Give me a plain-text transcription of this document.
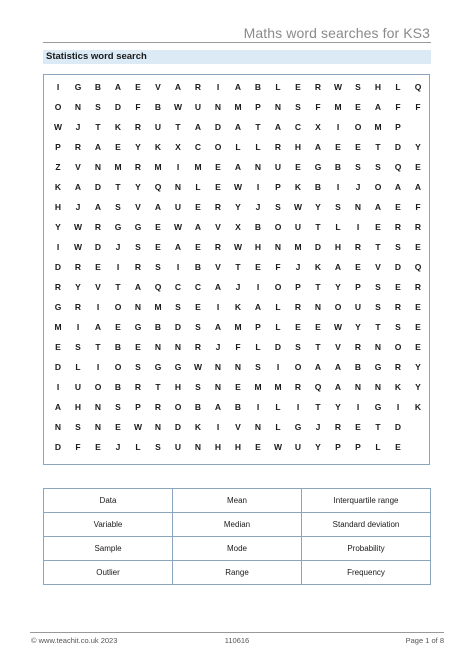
Maths word searches for KS3
Statistics word search
I	G	B	A	E	V	A	R	I	A	B	L	E	R	W	S	H	L	Q
O	N	S	D	F	B	W	U	N	M	P	N	S	F	M	E	A	F	F
W	J	T	K	R	U	T	A	D	A	T	A	C	X	I	O	M	P
P	R	A	E	Y	K	X	C	O	L	L	R	H	A	E	E	T	D	Y
Z	V	N	M	R	M	I	M	E	A	N	U	E	G	B	S	S	Q	E
K	A	D	T	Y	Q	N	L	E	W	I	P	K	B	I	J	O	A	A
H	J	A	S	V	A	U	E	R	Y	J	S	W	Y	S	N	A	E	F
Y	W	R	G	G	E	W	A	V	X	B	O	U	T	L	I	E	R	R
I	W	D	J	S	E	A	E	R	W	H	N	M	D	H	R	T	S	E
D	R	E	I	R	S	I	B	V	T	E	F	J	K	A	E	V	D	Q
R	Y	V	T	A	Q	C	C	A	J	I	O	P	T	Y	P	S	E	R
G	R	I	O	N	M	S	E	I	K	A	L	R	N	O	U	S	R	E
M	I	A	E	G	B	D	S	A	M	P	L	E	E	W	Y	T	S	E
E	S	T	B	E	N	N	R	J	F	L	D	S	T	V	R	N	O	E
D	L	I	O	S	G	G	W	N	N	S	I	O	A	A	B	G	R	Y
I	U	O	B	R	T	H	S	N	E	M	M	R	Q	A	N	N	K	Y
A	H	N	S	P	R	O	B	A	B	I	L	I	T	Y	I	G	I	K
N	S	N	E	W	N	D	K	I	V	N	L	G	J	R	E	T	D
D	F	E	J	L	S	U	N	H	H	E	W	U	Y	P	P	L	E
Data	Mean	Interquartile range
Variable	Median	Standard deviation
Sample	Mode	Probability
Outlier	Range	Frequency
© www.teachit.co.uk 2023	110616	Page 1 of 8
